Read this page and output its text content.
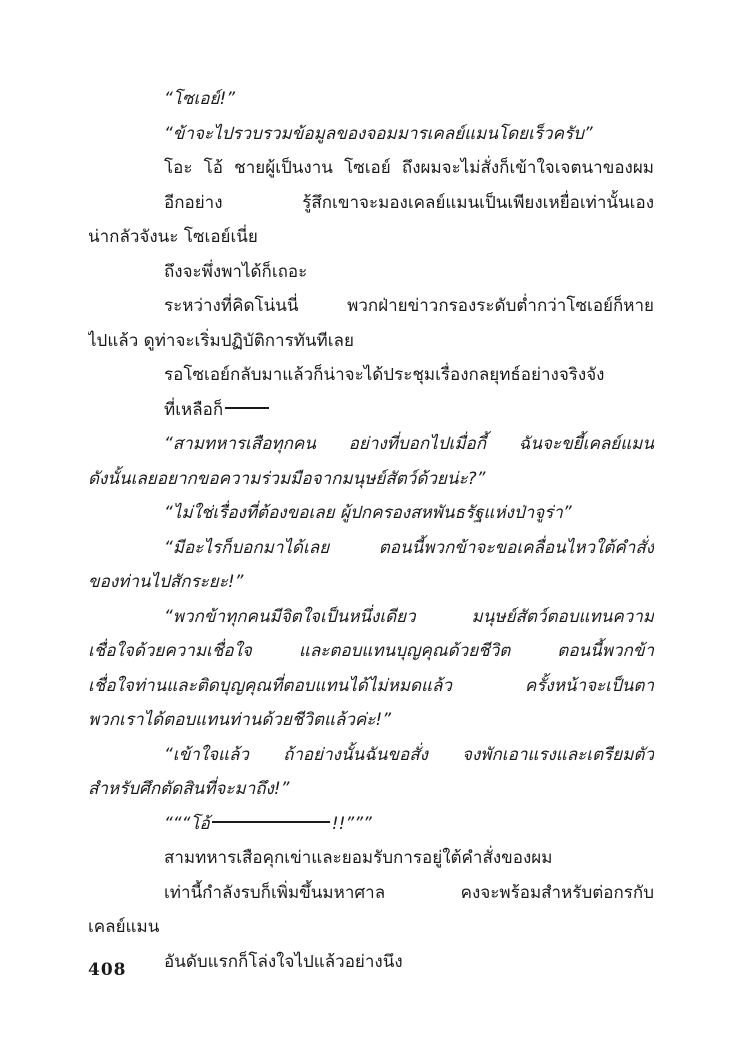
“โซเอย์!”
“ข้าจะไปรวบรวมข้อมูลของจอมมารเคลย์แมนโดยเร็วครับ”
โอะ โอ้ ชายผู้เป็นงาน โซเอย์ ถึงผมจะไม่สั่งก็เข้าใจเจตนาของผม
อีกอย่าง รู้สึกเขาจะมองเคลย์แมนเป็นเพียงเหยื่อเท่านั้นเอง
น่ากลัวจังนะ โซเอย์เนี่ย
ถึงจะพึ่งพาได้ก็เถอะ
ระหว่างที่คิดโน่นนี่ พวกฝ่ายข่าวกรองระดับต่ำกว่าโซเอย์ก็หาย
ไปแล้ว ดูท่าจะเริ่มปฏิบัติการทันทีเลย
รอโซเอย์กลับมาแล้วก็น่าจะได้ประชุมเรื่องกลยุทธ์อย่างจริงจัง
ที่เหลือก็
“สามทหารเสือทุกคน อย่างที่บอกไปเมื่อกี้ ฉันจะขยี้เคลย์แมน
ดังนั้นเลยอยากขอความร่วมมือจากมนุษย์สัตว์ด้วยน่ะ?”
“ไม่ใช่เรื่องที่ต้องขอเลย ผู้ปกครองสหพันธรัฐแห่งป่าจูร่า”
“มีอะไรก็บอกมาได้เลย ตอนนี้พวกข้าจะขอเคลื่อนไหวใต้คำสั่ง
ของท่านไปสักระยะ!”
“พวกข้าทุกคนมีจิตใจเป็นหนึ่งเดียว มนุษย์สัตว์ตอบแทนความ
เชื่อใจด้วยความเชื่อใจ และตอบแทนบุญคุณด้วยชีวิต ตอนนี้พวกข้า
เชื่อใจท่านและติดบุญคุณที่ตอบแทนได้ไม่หมดแล้ว ครั้งหน้าจะเป็นตา
พวกเราได้ตอบแทนท่านด้วยชีวิตแล้วค่ะ!”
“เข้าใจแล้ว ถ้าอย่างนั้นฉันขอสั่ง จงพักเอาแรงและเตรียมตัว
สำหรับศึกตัดสินที่จะมาถึง!”
“““โอ้	!!”””
สามทหารเสือคุกเข่าและยอมรับการอยู่ใต้คำสั่งของผม
เท่านี้กำลังรบก็เพิ่มขึ้นมหาศาล คงจะพร้อมสำหรับต่อกรกับ
เคลย์แมน
อันดับแรกก็โล่งใจไปแล้วอย่างนึง
408
